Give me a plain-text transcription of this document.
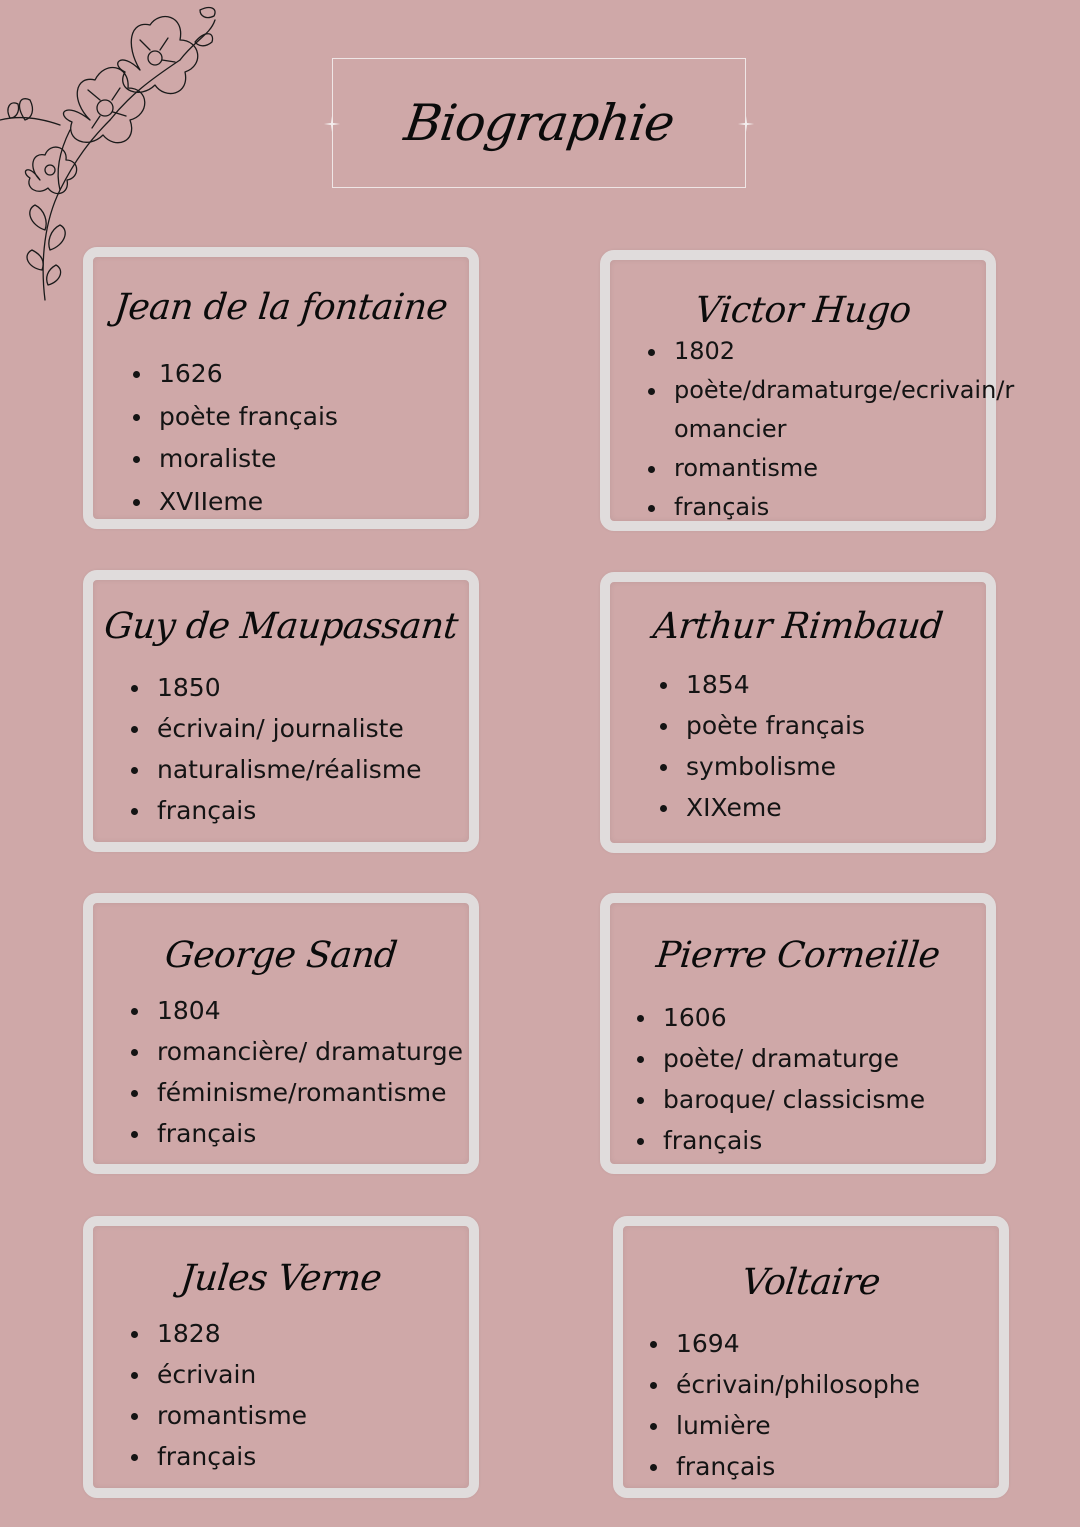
Biographie
Jean de la fontaine
1626
poète français
moraliste
XVIIeme
Victor Hugo
1802
poète/dramaturge/ecrivain/r
omancier
romantisme
français
Guy de Maupassant
1850
écrivain/ journaliste
naturalisme/réalisme
français
Arthur Rimbaud
1854
poète français
symbolisme
XIXeme
George Sand
1804
romancière/ dramaturge
féminisme/romantisme
français
Pierre Corneille
1606
poète/ dramaturge
baroque/ classicisme
français
Jules Verne
1828
écrivain
romantisme
français
Voltaire
1694
écrivain/philosophe
lumière
français
